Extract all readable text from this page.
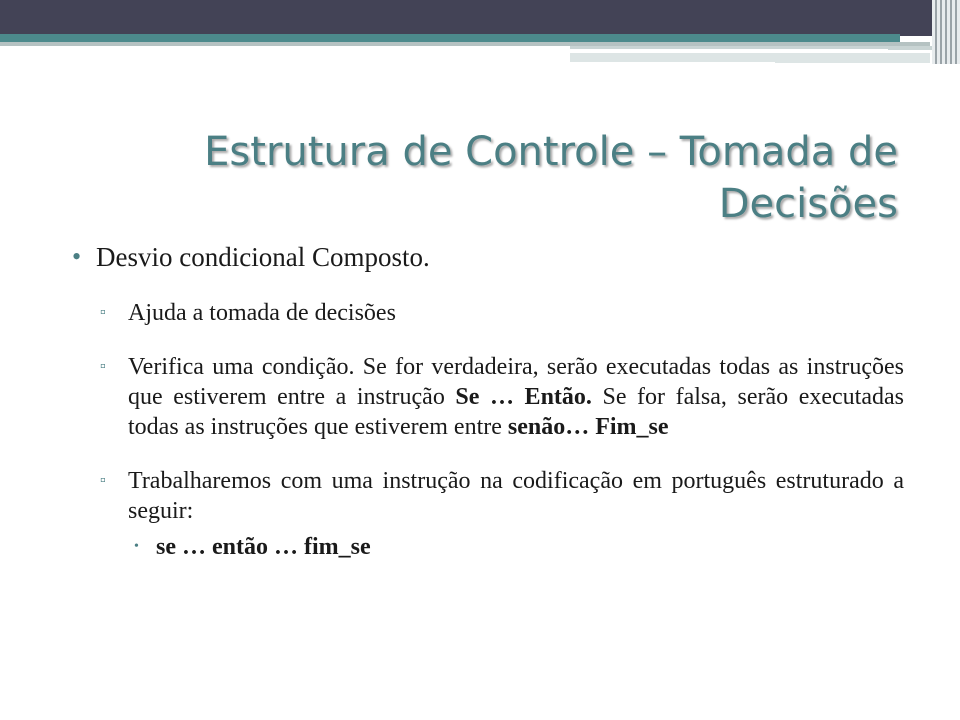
Estrutura de Controle – Tomada de Decisões
• Desvio condicional Composto.
▫ Ajuda a tomada de decisões
▫ Verifica uma condição. Se for verdadeira, serão executadas todas as instruções que estiverem entre a instrução Se … Então. Se for falsa, serão executadas todas as instruções que estiverem entre senão… Fim_se
▫ Trabalharemos com uma instrução na codificação em português estruturado a seguir:
• se … então … fim_se
